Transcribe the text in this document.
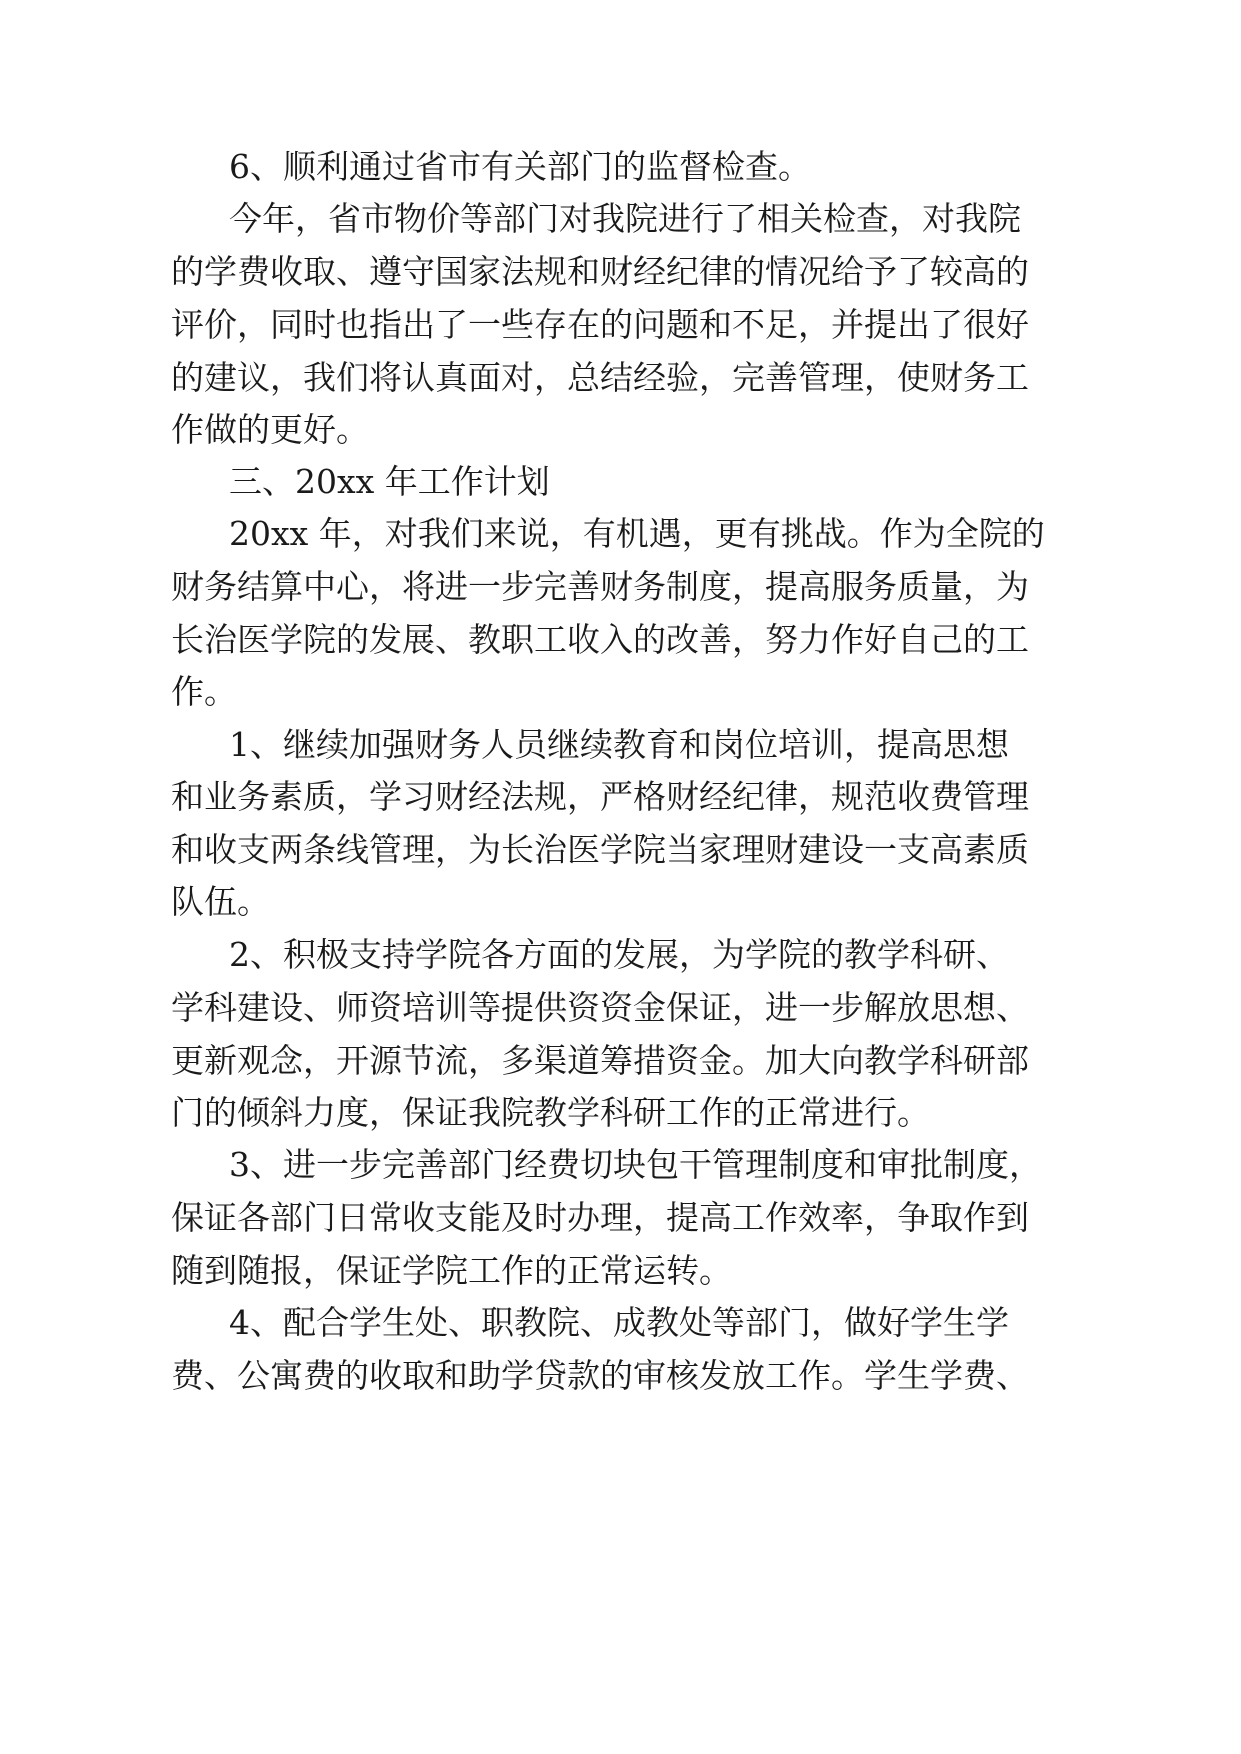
6、顺利通过省市有关部门的监督检查。
今年，省市物价等部门对我院进行了相关检查，对我院
的学费收取、遵守国家法规和财经纪律的情况给予了较高的
评价，同时也指出了一些存在的问题和不足，并提出了很好
的建议，我们将认真面对，总结经验，完善管理，使财务工
作做的更好。
三、20xx 年工作计划
20xx 年，对我们来说，有机遇，更有挑战。作为全院的
财务结算中心，将进一步完善财务制度，提高服务质量，为
长治医学院的发展、教职工收入的改善，努力作好自己的工
作。
1、继续加强财务人员继续教育和岗位培训，提高思想
和业务素质，学习财经法规，严格财经纪律，规范收费管理
和收支两条线管理，为长治医学院当家理财建设一支高素质
队伍。
2、积极支持学院各方面的发展，为学院的教学科研、
学科建设、师资培训等提供资资金保证，进一步解放思想、
更新观念，开源节流，多渠道筹措资金。加大向教学科研部
门的倾斜力度，保证我院教学科研工作的正常进行。
3、进一步完善部门经费切块包干管理制度和审批制度，
保证各部门日常收支能及时办理，提高工作效率，争取作到
随到随报，保证学院工作的正常运转。
4、配合学生处、职教院、成教处等部门，做好学生学
费、公寓费的收取和助学贷款的审核发放工作。学生学费、
